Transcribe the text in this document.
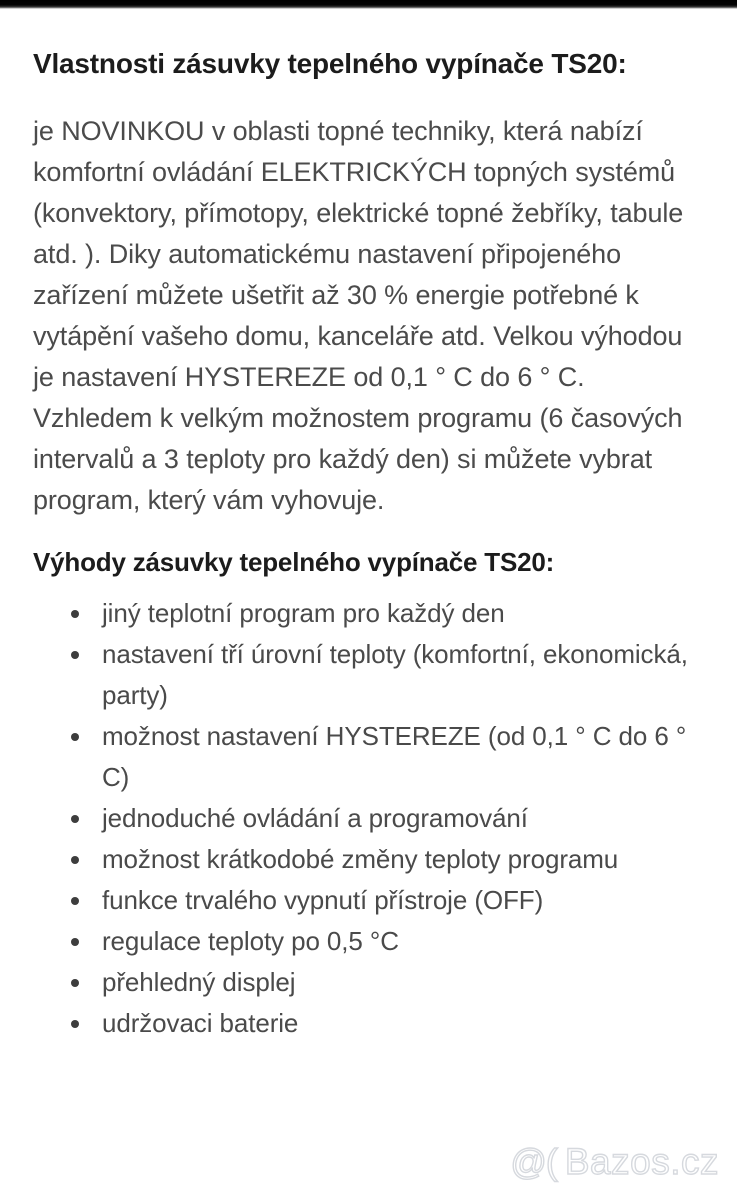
Vlastnosti zásuvky tepelného vypínače TS20:

je NOVINKOU v oblasti topné techniky, která nabízí komfortní ovládání ELEKTRICKÝCH topných systémů (konvektory, přímotopy, elektrické topné žebříky, tabule atd. ). Diky automatickému nastavení připojeného zařízení můžete ušetřit až 30 % energie potřebné k vytápění vašeho domu, kanceláře atd. Velkou výhodou je nastavení HYSTEREZE od 0,1 ° C do 6 ° C. Vzhledem k velkým možnostem programu (6 časových intervalů a 3 teploty pro každý den) si můžete vybrat program, který vám vyhovuje.

Výhody zásuvky tepelného vypínače TS20:
jiný teplotní program pro každý den
nastavení tří úrovní teploty (komfortní, ekonomická, party)
možnost nastavení HYSTEREZE (od 0,1 ° C do 6 ° C)
jednoduché ovládání a programování
možnost krátkodobé změny teploty programu
funkce trvalého vypnutí přístroje (OFF)
regulace teploty po 0,5 °C
přehledný displej
udržovaci baterie
@( Bazos.cz
